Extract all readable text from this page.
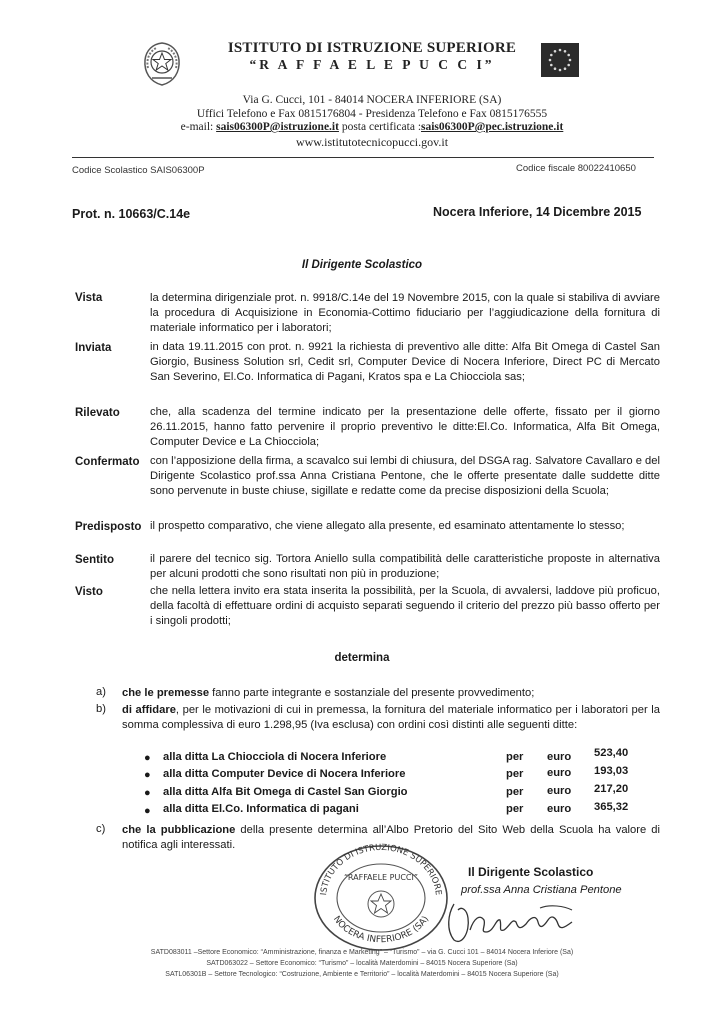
ISTITUTO DI ISTRUZIONE SUPERIORE
“R A F F A E L E P U C C I”
Via G. Cucci, 101 - 84014 NOCERA INFERIORE (SA)
Uffici Telefono e Fax 0815176804 - Presidenza Telefono e Fax 0815176555
e-mail: sais06300P@istruzione.it posta certificata :sais06300P@pec.istruzione.it
www.istitutotecnicopucci.gov.it
Codice Scolastico SAIS06300P	Codice fiscale 80022410650
Prot. n. 10663/C.14e	Nocera Inferiore, 14 Dicembre 2015
Il Dirigente Scolastico
Vista	la determina dirigenziale prot. n. 9918/C.14e del 19 Novembre 2015, con la quale si stabiliva di avviare la procedura di Acquisizione in Economia-Cottimo fiduciario per l’aggiudicazione della fornitura di materiale informatico per i laboratori;
Inviata	in data 19.11.2015 con prot. n. 9921 la richiesta di preventivo alle ditte: Alfa Bit Omega di Castel San Giorgio, Business Solution srl, Cedit srl, Computer Device di Nocera Inferiore, Direct PC di Mercato San Severino, El.Co. Informatica di Pagani, Kratos spa e La Chiocciola sas;
Rilevato	che, alla scadenza del termine indicato per la presentazione delle offerte, fissato per il giorno 26.11.2015, hanno fatto pervenire il proprio preventivo le ditte:El.Co. Informatica, Alfa Bit Omega, Computer Device e La Chiocciola;
Confermato con l’apposizione della firma, a scavalco sui lembi di chiusura, del DSGA rag. Salvatore Cavallaro e del Dirigente Scolastico prof.ssa Anna Cristiana Pentone, che le offerte presentate dalle suddette ditte sono pervenute in buste chiuse, sigillate e redatte come da precise disposizioni della Scuola;
Predisposto il prospetto comparativo, che viene allegato alla presente, ed esaminato attentamente lo stesso;
Sentito	il parere del tecnico sig. Tortora Aniello sulla compatibilità delle caratteristiche proposte in alternativa per alcuni prodotti che sono risultati non più in produzione;
Visto	che nella lettera invito era stata inserita la possibilità, per la Scuola, di avvalersi, laddove più proficuo, della facoltà di effettuare ordini di acquisto separati seguendo il criterio del prezzo più basso offerto per i singoli prodotti;
determina
a) che le premesse fanno parte integrante e sostanziale del presente provvedimento;
b) di affidare, per le motivazioni di cui in premessa, la fornitura del materiale informatico per i laboratori per la somma complessiva di euro 1.298,95 (Iva esclusa) con ordini così distinti alle seguenti ditte:
● alla ditta La Chiocciola di Nocera Inferiore	per euro 523,40
● alla ditta Computer Device di Nocera Inferiore	per euro 193,03
● alla ditta Alfa Bit Omega di Castel San Giorgio	per euro 217,20
● alla ditta El.Co. Informatica di pagani	per euro 365,32
c) che la pubblicazione della presente determina all’Albo Pretorio del Sito Web della Scuola ha valore di notifica agli interessati.
ISTITUTO DI ISTRUZIONE SUPERIORE
NOCERA INFERIORE (SA)
“RAFFAELE PUCCI”	Il Dirigente Scolastico
prof.ssa Anna Cristiana Pentone
SATD083011 –Settore Economico: “Amministrazione, finanza e Marketing” – “Turismo” – via G. Cucci 101 – 84014 Nocera Inferiore (Sa)
SATD063022 – Settore Economico: “Turismo” – località Materdomini – 84015 Nocera Superiore (Sa)
SATL06301B – Settore Tecnologico: “Costruzione, Ambiente e Territorio” – località Materdomini – 84015 Nocera Superiore (Sa)
